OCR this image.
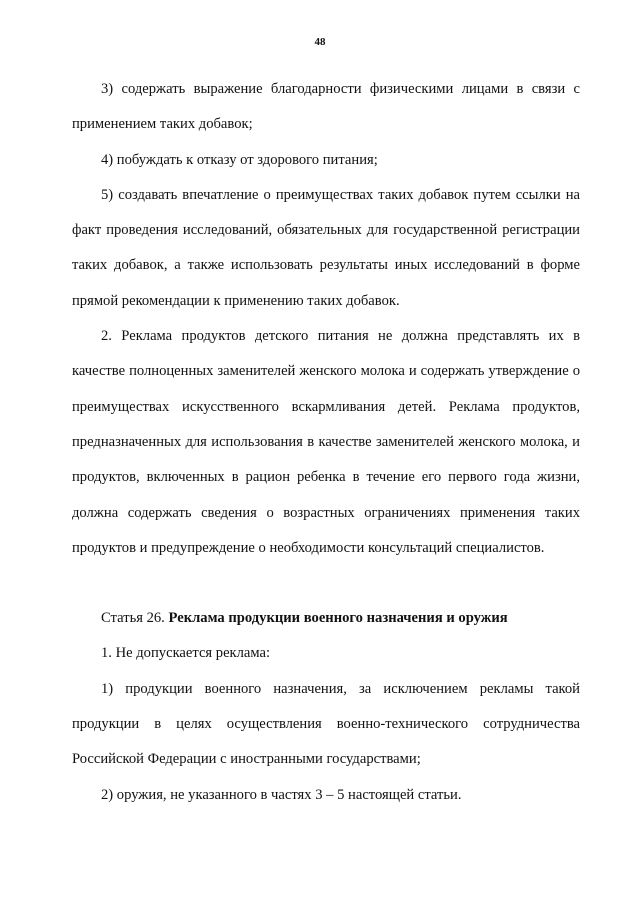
48

3) содержать выражение благодарности физическими лицами в связи с применением таких добавок;

4) побуждать к отказу от здорового питания;

5) создавать впечатление о преимуществах таких добавок путем ссылки на факт проведения исследований, обязательных для государственной регистрации таких добавок, а также использовать результаты иных исследований в форме прямой рекомендации к применению таких добавок.

2. Реклама продуктов детского питания не должна представлять их в качестве полноценных заменителей женского молока и содержать утверждение о преимуществах искусственного вскармливания детей. Реклама продуктов, предназначенных для использования в качестве заменителей женского молока, и продуктов, включенных в рацион ребенка в течение его первого года жизни, должна содержать сведения о возрастных ограничениях применения таких продуктов и предупреждение о необходимости консультаций специалистов.

Статья 26. Реклама продукции военного назначения и оружия

1. Не допускается реклама:

1) продукции военного назначения, за исключением рекламы такой продукции в целях осуществления военно-технического сотрудничества Российской Федерации с иностранными государствами;

2) оружия, не указанного в частях 3 – 5 настоящей статьи.
